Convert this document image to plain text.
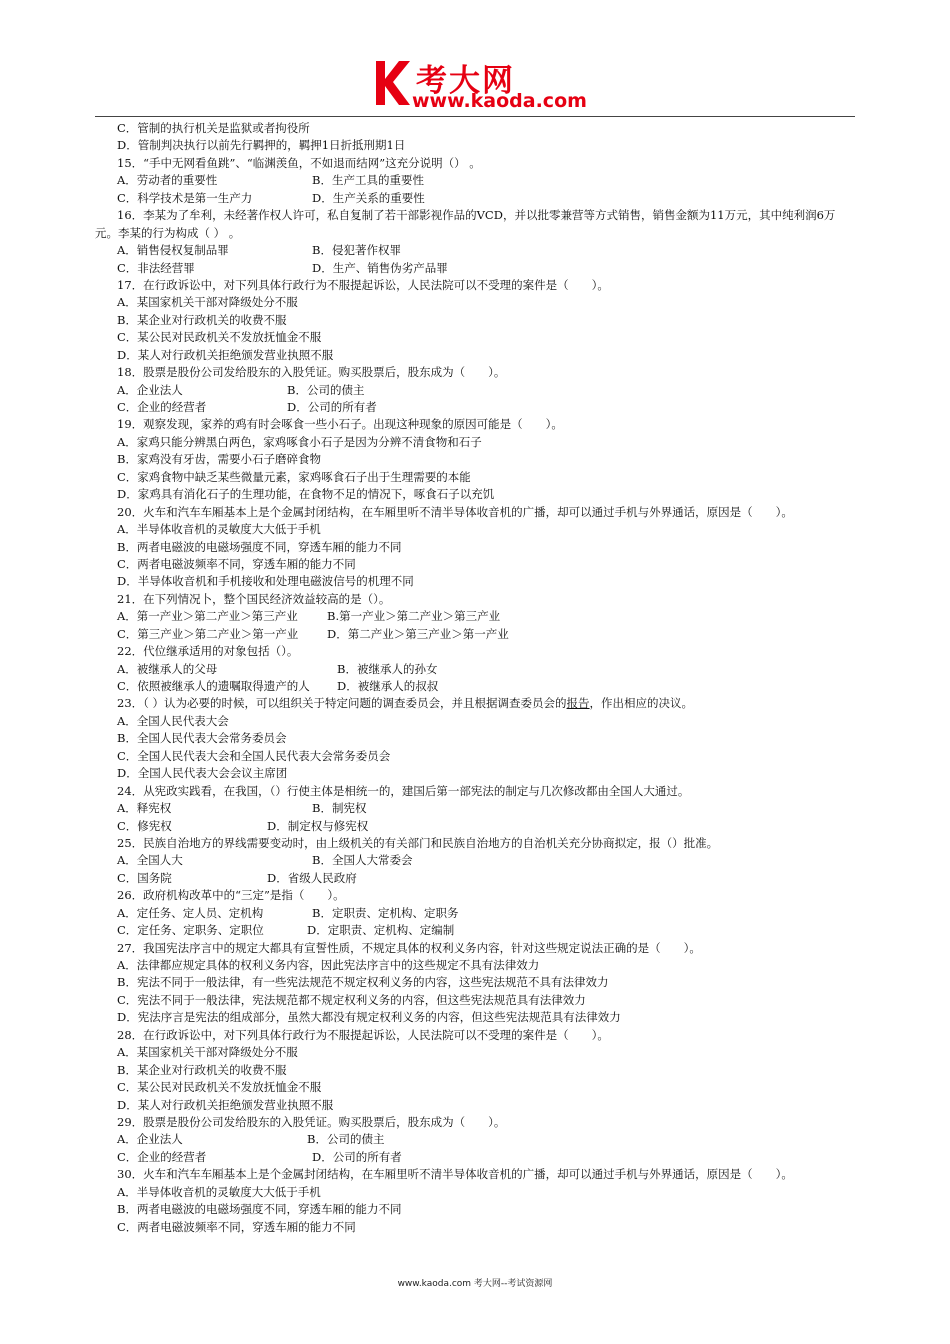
考大网
www.kaoda.com
C．管制的执行机关是监狱或者拘役所
D．管制判决执行以前先行羁押的，羁押1日折抵刑期1日
15．“手中无网看鱼跳”、“临渊羡鱼，不如退而结网”这充分说明（） 。
A．劳动者的重要性	B．生产工具的重要性
C．科学技术是第一生产力	D．生产关系的重要性
16．李某为了牟利，未经著作权人许可，私自复制了若干部影视作品的VCD，并以批零兼营等方式销售，销售金额为11万元，其中纯利润6万元。李某的行为构成（ ） 。
A．销售侵权复制品罪	B．侵犯著作权罪
C．非法经营罪	D．生产、销售伪劣产品罪
17．在行政诉讼中，对下列具体行政行为不服提起诉讼，人民法院可以不受理的案件是（　　）。
A．某国家机关干部对降级处分不服
B．某企业对行政机关的收费不服
C．某公民对民政机关不发放抚恤金不服
D．某人对行政机关拒绝颁发营业执照不服
18．股票是股份公司发给股东的入股凭证。购买股票后，股东成为（　　）。
A．企业法人	B．公司的债主
C．企业的经营者	D．公司的所有者
19．观察发现，家养的鸡有时会啄食一些小石子。出现这种现象的原因可能是（　　）。
A．家鸡只能分辨黑白两色，家鸡啄食小石子是因为分辨不清食物和石子
B．家鸡没有牙齿，需要小石子磨碎食物
C．家鸡食物中缺乏某些微量元素，家鸡啄食石子出于生理需要的本能
D．家鸡具有消化石子的生理功能，在食物不足的情况下，啄食石子以充饥
20．火车和汽车车厢基本上是个金属封闭结构，在车厢里听不清半导体收音机的广播，却可以通过手机与外界通话，原因是（　　）。
A．半导体收音机的灵敏度大大低于手机
B．两者电磁波的电磁场强度不同，穿透车厢的能力不同
C．两者电磁波频率不同，穿透车厢的能力不同
D．半导体收音机和手机接收和处理电磁波信号的机理不同
21．在下列情况卜，整个国民经济效益较高的是（）。
A．第一产业＞第二产业＞第三产业	B.第一产业＞第二产业＞第三产业
C．第三产业＞第二产业＞第一产业	D．第二产业＞第三产业＞第一产业
22．代位继承适用的对象包括（）。
A．被继承人的父母	B．被继承人的孙女
C．依照被继承人的遗嘱取得遗产的人	D．被继承人的叔叔
23．（ ）认为必要的时候，可以组织关于特定问题的调查委员会，并且根据调查委员会的报告，作出相应的决议。
A．全国人民代表大会
B．全国人民代表大会常务委员会
C．全国人民代表大会和全国人民代表大会常务委员会
D．全国人民代表大会会议主席团
24．从宪政实践看，在我国，（）行使主体是相统一的，建国后第一部宪法的制定与几次修改都由全国人大通过。
A．释宪权	B．制宪权
C．修宪权	D．制定权与修宪权
25．民族自治地方的界线需要变动时，由上级机关的有关部门和民族自治地方的自治机关充分协商拟定，报（）批准。
A．全国人大	B．全国人大常委会
C．国务院	D．省级人民政府
26．政府机构改革中的“三定”是指（　　）。
A．定任务、定人员、定机构	B．定职责、定机构、定职务
C．定任务、定职务、定职位	D．定职责、定机构、定编制
27．我国宪法序言中的规定大都具有宣誓性质，不规定具体的权利义务内容，针对这些规定说法正确的是（　　）。
A．法律都应规定具体的权利义务内容，因此宪法序言中的这些规定不具有法律效力
B．宪法不同于一般法律，有一些宪法规范不规定权利义务的内容，这些宪法规范不具有法律效力
C．宪法不同于一般法律，宪法规范都不规定权利义务的内容，但这些宪法规范具有法律效力
D．宪法序言是宪法的组成部分，虽然大都没有规定权利义务的内容，但这些宪法规范具有法律效力
28．在行政诉讼中，对下列具体行政行为不服提起诉讼，人民法院可以不受理的案件是（　　）。
A．某国家机关干部对降级处分不服
B．某企业对行政机关的收费不服
C．某公民对民政机关不发放抚恤金不服
D．某人对行政机关拒绝颁发营业执照不服
29．股票是股份公司发给股东的入股凭证。购买股票后，股东成为（　　）。
A．企业法人	B．公司的债主
C．企业的经营者	D．公司的所有者
30．火车和汽车车厢基本上是个金属封闭结构，在车厢里听不清半导体收音机的广播，却可以通过手机与外界通话，原因是（　　）。
A．半导体收音机的灵敏度大大低于手机
B．两者电磁波的电磁场强度不同，穿透车厢的能力不同
C．两者电磁波频率不同，穿透车厢的能力不同
www.kaoda.com 考大网--考试资源网
